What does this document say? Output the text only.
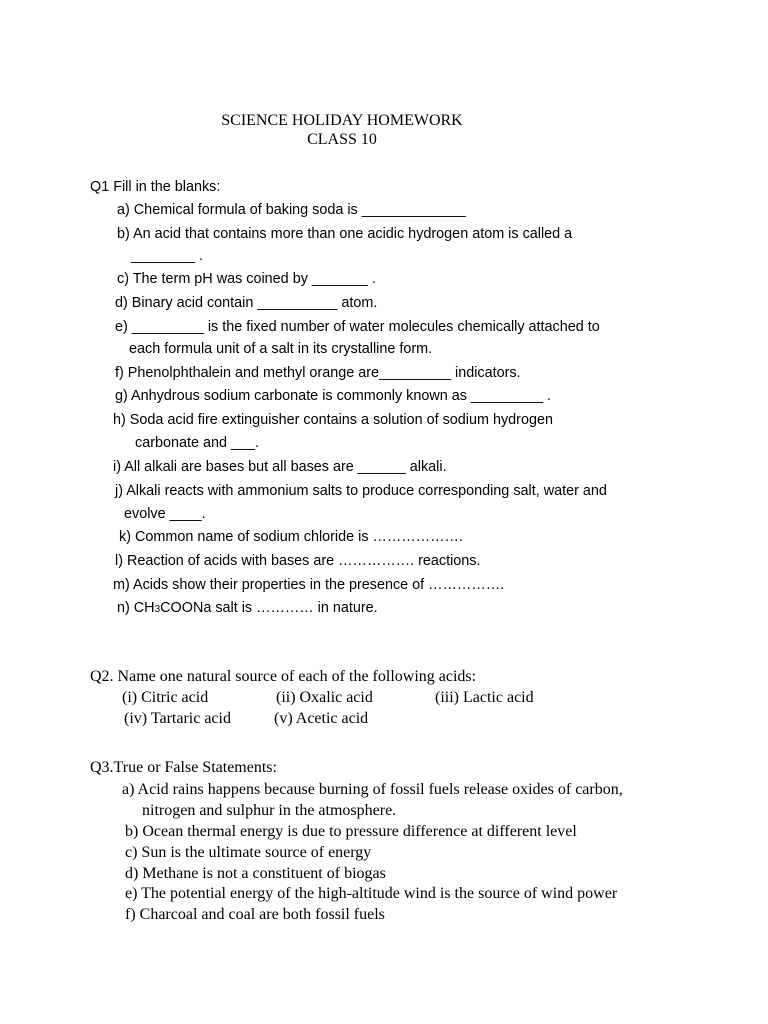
SCIENCE HOLIDAY HOMEWORK
CLASS 10
Q1 Fill in the blanks:
a) Chemical formula of baking soda is _____________
b) An acid that contains more than one acidic hydrogen atom is called a
________ .
c) The term pH was coined by _______ .
d) Binary acid contain __________ atom.
e) _________ is the fixed number of water molecules chemically attached to
each formula unit of a salt in its crystalline form.
f) Phenolphthalein and methyl orange are_________ indicators.
g) Anhydrous sodium carbonate is commonly known as _________ .
h) Soda acid fire extinguisher contains a solution of sodium hydrogen
carbonate and ___.
i) All alkali are bases but all bases are ______ alkali.
j) Alkali reacts with ammonium salts to produce corresponding salt, water and
evolve ____.
k) Common name of sodium chloride is ……………….
l) Reaction of acids with bases are ……………. reactions.
m) Acids show their properties in the presence of …………….
n) CH3COONa salt is ………… in nature.
Q2. Name one natural source of each of the following acids:
(i) Citric acid	(ii) Oxalic acid	(iii) Lactic acid
(iv) Tartaric acid	(v) Acetic acid
Q3.True or False Statements:
a) Acid rains happens because burning of fossil fuels release oxides of carbon,
nitrogen and sulphur in the atmosphere.
b) Ocean thermal energy is due to pressure difference at different level
c) Sun is the ultimate source of energy
d) Methane is not a constituent of biogas
e) The potential energy of the high-altitude wind is the source of wind power
f) Charcoal and coal are both fossil fuels
